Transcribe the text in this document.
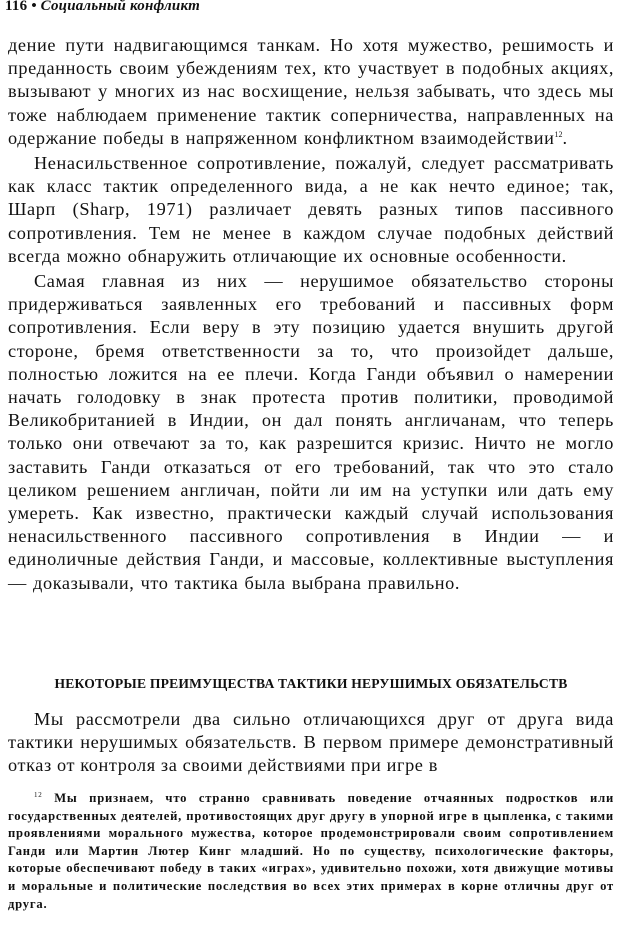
116 • Социальный конфликт

дение пути надвигающимся танкам. Но хотя мужество, решимость и преданность своим убеждениям тех, кто участвует в подобных акциях, вызывают у многих из нас восхищение, нельзя забывать, что здесь мы тоже наблюдаем применение тактик соперничества, направленных на одержание победы в напряженном конфликтном взаимодействии$^{12}$.

Ненасильственное сопротивление, пожалуй, следует рассматривать как класс тактик определенного вида, а не как нечто единое; так, Шарп (Sharp, 1971) различает девять разных типов пассивного сопротивления. Тем не менее в каждом случае подобных действий всегда можно обнаружить отличающие их основные особенности.

Самая главная из них — нерушимое обязательство стороны придерживаться заявленных его требований и пассивных форм сопротивления. Если веру в эту позицию удается внушить другой стороне, бремя ответственности за то, что произойдет дальше, полностью ложится на ее плечи. Когда Ганди объявил о намерении начать голодовку в знак протеста против политики, проводимой Великобританией в Индии, он дал понять англичанам, что теперь только они отвечают за то, как разрешится кризис. Ничто не могло заставить Ганди отказаться от его требований, так что это стало целиком решением англичан, пойти ли им на уступки или дать ему умереть. Как известно, практически каждый случай использования ненасильственного пассивного сопротивления в Индии — и единоличные действия Ганди, и массовые, коллективные выступления — доказывали, что тактика была выбрана правильно.

НЕКОТОРЫЕ ПРЕИМУЩЕСТВА ТАКТИКИ НЕРУШИМЫХ ОБЯЗАТЕЛЬСТВ

Мы рассмотрели два сильно отличающихся друг от друга вида тактики нерушимых обязательств. В первом примере демонстративный отказ от контроля за своими действиями при игре в

$^{12}$ Мы признаем, что странно сравнивать поведение отчаянных подростков или государственных деятелей, противостоящих друг другу в упорной игре в цыпленка, с такими проявлениями морального мужества, которое продемонстрировали своим сопротивлением Ганди или Мартин Лютер Кинг младший. Но по существу, психологические факторы, которые обеспечивают победу в таких «играх», удивительно похожи, хотя движущие мотивы и моральные и политические последствия во всех этих примерах в корне отличны друг от друга.
